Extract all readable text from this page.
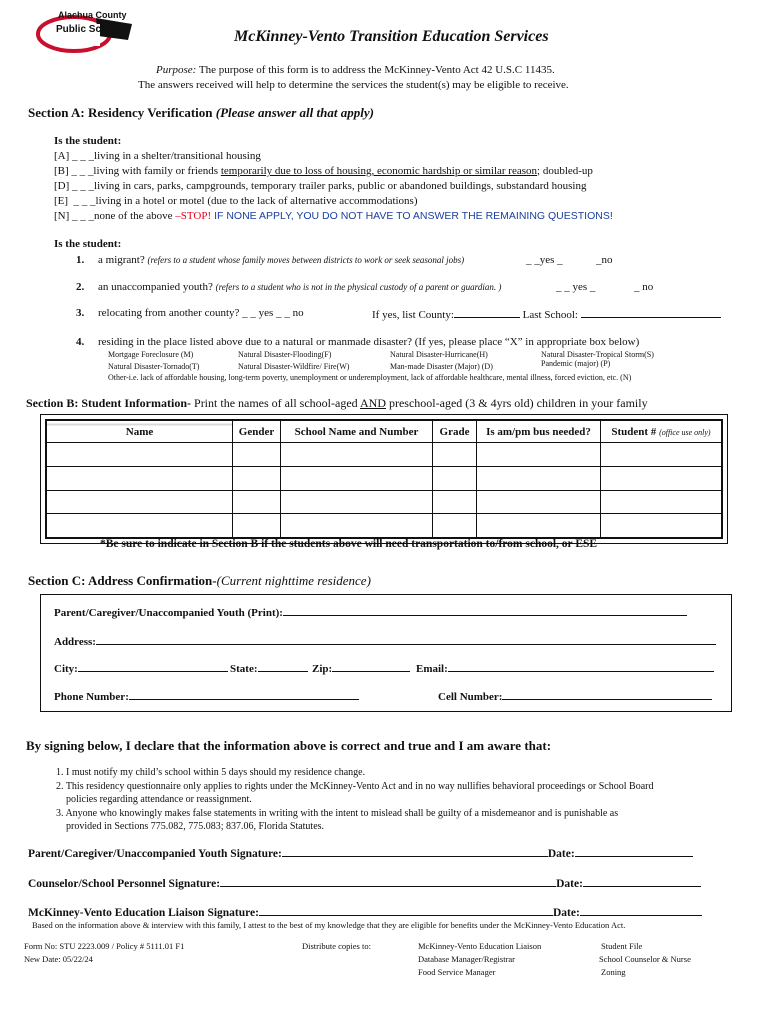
Alachua County
Public Schools	McKinney-Vento Transition Education Services
Purpose: The purpose of this form is to address the McKinney-Vento Act 42 U.S.C 11435.
The answers received will help to determine the services the student(s) may be eligible to receive.
Section A: Residency Verification (Please answer all that apply)
Is the student:
[A] _ _ _living in a shelter/transitional housing
[B] _ _ _living with family or friends temporarily due to loss of housing, economic hardship or similar reason; doubled-up
[D] _ _ _living in cars, parks, campgrounds, temporary trailer parks, public or abandoned buildings, substandard housing
[E] _ _ _living in a hotel or motel (due to the lack of alternative accommodations)
[N] _ _ _none of the above –STOP! IF NONE APPLY, YOU DO NOT HAVE TO ANSWER THE REMAINING QUESTIONS!
Is the student:
1. a migrant? (refers to a student whose family moves between districts to work or seek seasonal jobs)	_ _yes _	_no
2. an unaccompanied youth? (refers to a student who is not in the physical custody of a parent or guardian. )	_ _ yes _	_ no
3. relocating from another county? _ _ yes _ _ no	If yes, list County:	Last School:
4. residing in the place listed above due to a natural or manmade disaster? (If yes, please place “X” in appropriate box below)
Mortgage Foreclosure (M)	Natural Disaster-Flooding(F)	Natural Disaster-Hurricane(H)	Natural Disaster-Tropical Storm(S)
Natural Disaster-Tornado(T)	Natural Disaster-Wildfire/ Fire(W)	Man-made Disaster (Major) (D)	Pandemic (major) (P)
Other-i.e. lack of affordable housing, long-term poverty, unemployment or underemployment, lack of affordable healthcare, mental illness, forced eviction, etc. (N)
Section B: Student Information- Print the names of all school-aged AND preschool-aged (3 & 4yrs old) children in your family
Name	Gender	School Name and Number	Grade	Is am/pm bus needed?	Student # (office use only)

*Be sure to indicate in Section B if the students above will need transportation to/from school, or ESE
Section C: Address Confirmation-(Current nighttime residence)
Parent/Caregiver/Unaccompanied Youth (Print):
Address:
City:	State:	Zip:	Email:
Phone Number:	Cell Number:
By signing below, I declare that the information above is correct and true and I am aware that:
1. I must notify my child’s school within 5 days should my residence change.
2. This residency questionnaire only applies to rights under the McKinney-Vento Act and in no way nullifies behavioral proceedings or School Board
policies regarding attendance or reassignment.
3. Anyone who knowingly makes false statements in writing with the intent to mislead shall be guilty of a misdemeanor and is punishable as
provided in Sections 775.082, 775.083; 837.06, Florida Statutes.
Parent/Caregiver/Unaccompanied Youth Signature:	Date:
Counselor/School Personnel Signature:	Date:
McKinney-Vento Education Liaison Signature:	Date:
Based on the information above & interview with this family, I attest to the best of my knowledge that they are eligible for benefits under the McKinney-Vento Education Act.
Form No: STU 2223.009 / Policy # 5111.01 F1
New Date: 05/22/24
Distribute copies to:	McKinney-Vento Education Liaison
Database Manager/Registrar
Food Service Manager
Student File
School Counselor & Nurse
Zoning
